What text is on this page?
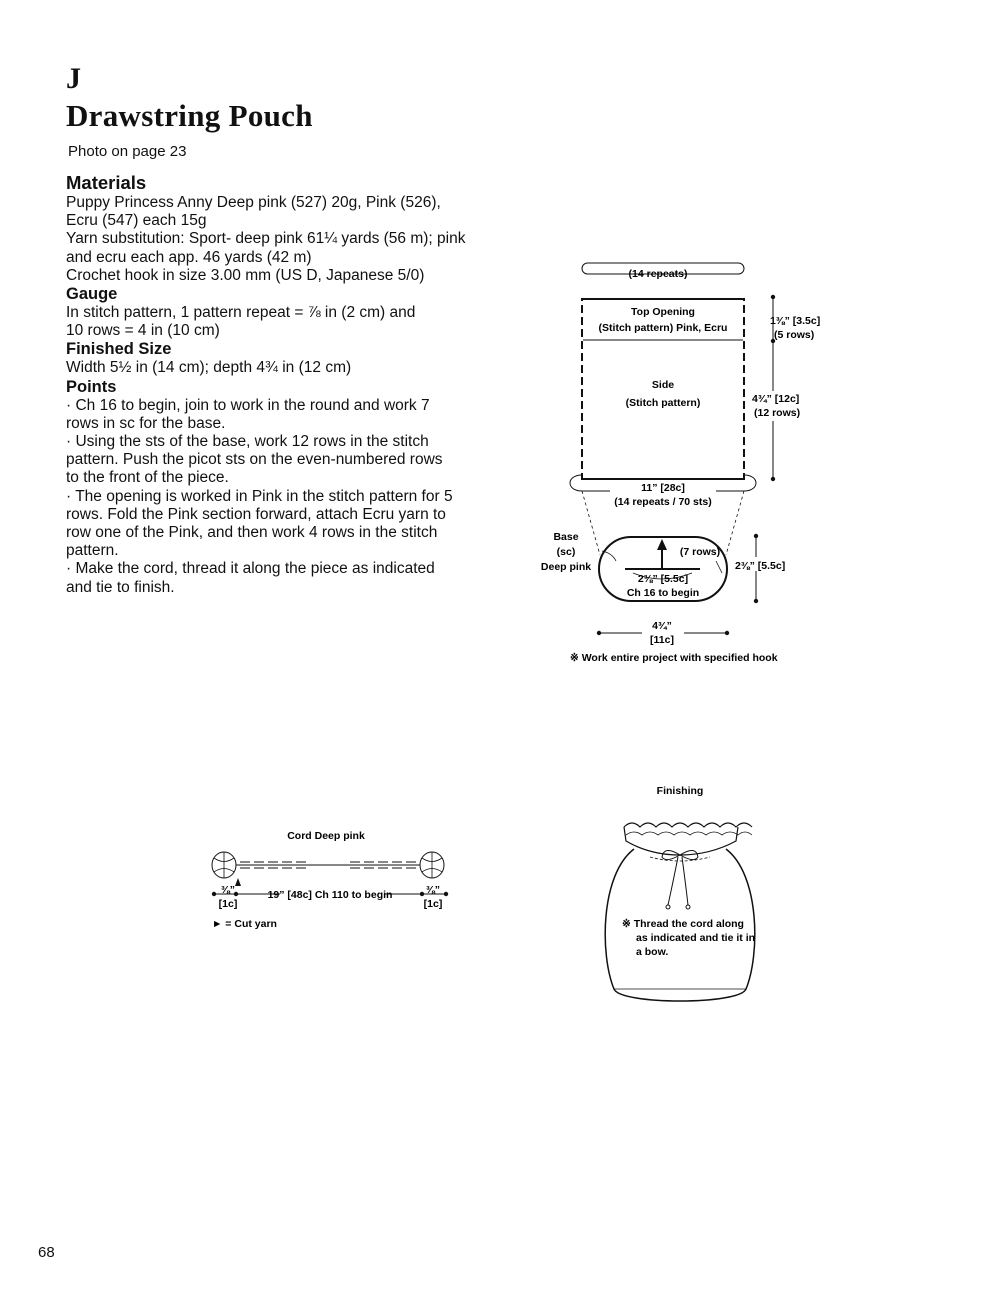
J
Drawstring Pouch
Photo on page 23
Materials

Puppy Princess Anny Deep pink (527) 20g, Pink (526),

Ecru (547) each 15g

Yarn substitution: Sport- deep pink 61¼ yards (56 m); pink

and ecru each app. 46 yards (42 m)

Crochet hook in size 3.00 mm (US D, Japanese 5/0)

Gauge

In stitch pattern, 1 pattern repeat = ⅞ in (2 cm) and

10 rows = 4 in (10 cm)

Finished Size

Width 5½ in (14 cm); depth 4¾ in (12 cm)

Points

· Ch 16 to begin, join to work in the round and work 7

rows in sc for the base.

· Using the sts of the base, work 12 rows in the stitch

pattern. Push the picot sts on the even-numbered rows

to the front of the piece.

· The opening is worked in Pink in the stitch pattern for 5

rows. Fold the Pink section forward, attach Ecru yarn to

row one of the Pink, and then work 4 rows in the stitch

pattern.

· Make the cord, thread it along the piece as indicated

and tie to finish.

(14 repeats)
Top Opening
(Stitch pattern) Pink, Ecru
Side
(Stitch pattern)
1⅜” [3.5c]
(5 rows)
4¾” [12c]
(12 rows)
11” [28c]
(14 repeats / 70 sts)
(7 rows)
2⅜” [5.5c]
Ch 16 to begin
Base
(sc)
Deep pink	2⅜” [5.5c]
4¾”
[11c]
※ Work entire project with specified hook
Cord Deep pink
19” [48c] Ch 110 to begin
⅜”
[1c]
⅜”
[1c]
► = Cut yarn
Finishing
※ Thread the cord along
as indicated and tie it in
a bow.
68
